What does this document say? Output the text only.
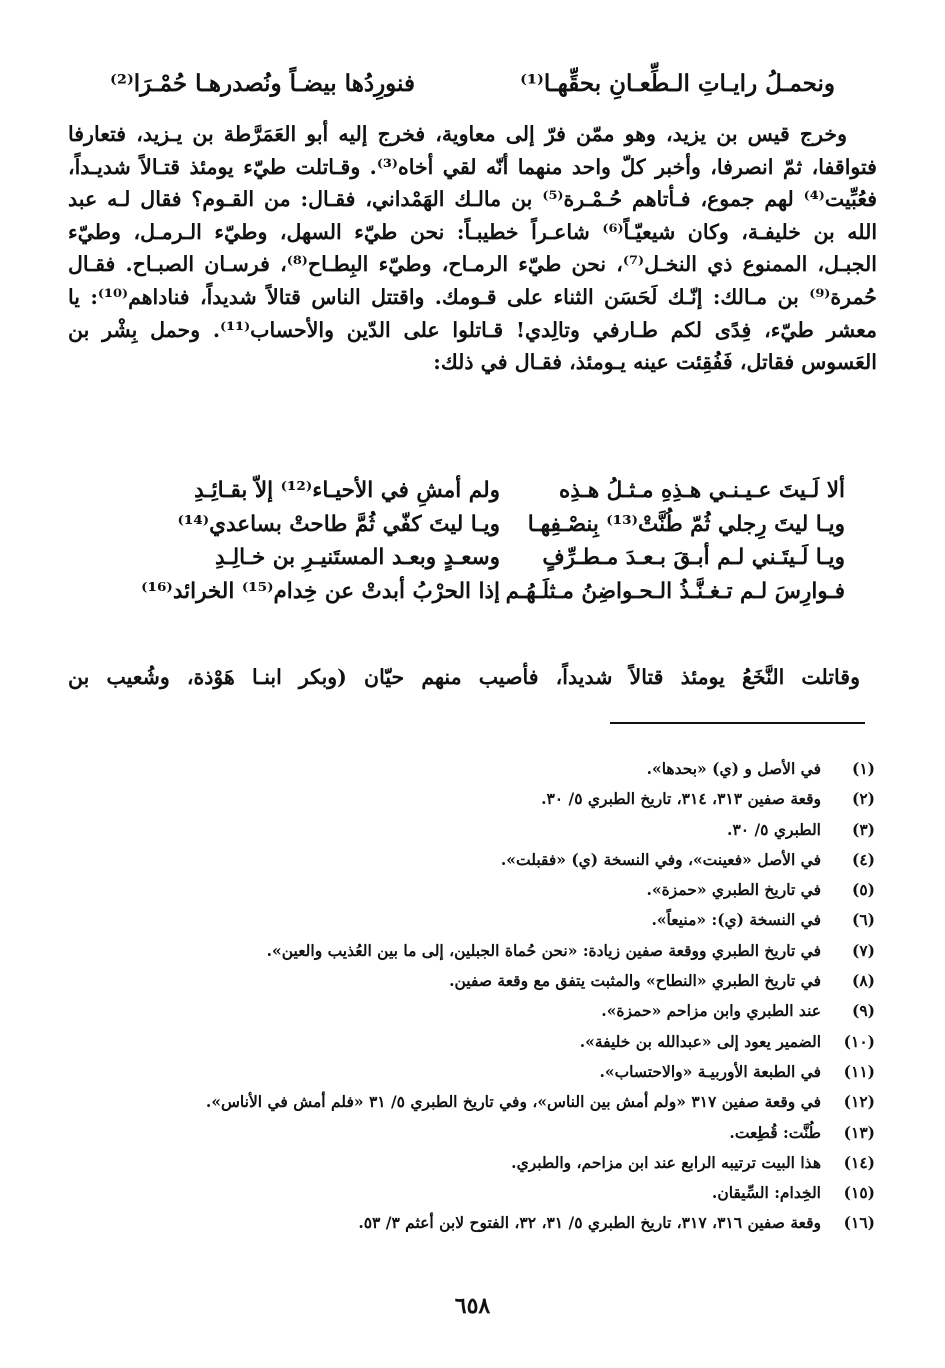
ونحمـلُ رايـاتِ الـطِّعـانِ بحقِّهـا⁽¹⁾
فنورِدُها بيضـاً ونُصدرهـا حُمْـرَا⁽²⁾
وخرج قيس بن يزيد، وهو ممّن فرّ إلى معاوية، فخرج إليه أبو العَمَرَّطة بن يـزيد، فتعارفا فتواقفا، ثمّ انصرفا، وأخبر كلّ واحد منهما أنّه لقي أخاه⁽³⁾. وقـاتلت طيّء يومئذ قتـالاً شديـداً، فعُبِّيت⁽⁴⁾ لهم جموع، فـأتاهم حُـمْـرة⁽⁵⁾ بن مالـك الهَمْداني، فقـال: من القـوم؟ فقال لـه عبد الله بن خليفـة، وكان شيعيّـاً⁽⁶⁾ شاعـراً خطيبـاً: نحن طيّء السهل، وطيّء الـرمـل، وطيّء الجبـل، الممنوع ذي النخـل⁽⁷⁾، نحن طيّء الرمـاح، وطيّء البِطـاح⁽⁸⁾، فرسـان الصبـاح. فقـال حُمرة⁽⁹⁾ بن مـالك: إنّـك لَحَسَن الثناء على قـومك. واقتتل الناس قتالاً شديداً، فناداهم⁽¹⁰⁾: يا معشر طيّء، فِدًى لكم طـارفي وتالِدي! قـاتلوا على الدّين والأحساب⁽¹¹⁾. وحمل بِشْر بن العَسوس فقاتل، فَفُقِئت عينه يـومئذ، فقـال في ذلك:
ألا لَـيتَ عـيـنـي هـذِهِ مـثـلُ هـذِه
ولم أمشِ في الأحيـاء⁽¹²⁾ إلاّ بقـائِـدِ
ويـا ليتَ رِجلي ثُمّ طُنَّتْ⁽¹³⁾ بِنصْـفِهـا
ويـا ليتَ كفّي ثُمَّ طاحتْ بساعدي⁽¹⁴⁾
ويـا لَـيتَـني لـم أبـقَ بـعـدَ مـطـرِّفٍ
وسعـدٍ وبعـد المستَنيـرِ بن خـالِـدِ
فـوارِسَ لـم تـغـنَّـذُ الـحـواضِنُ مـثلَـهُـم
إذا الحرْبُ أبدتْ عن خِدام⁽¹⁵⁾ الخرائد⁽¹⁶⁾
وقاتلت النَّخَعُ يومئذ قتالاً شديداً، فأصيب منهم حيّان (وبكر ابنـا هَوْذة، وشُعيب بن
(١)
في الأصل و (ي) «بحدها».
(٢)
وقعة صفين ٣١٣، ٣١٤، تاريخ الطبري ٥/ ٣٠.
(٣)
الطبري ٥/ ٣٠.
(٤)
في الأصل «فعينت»، وفي النسخة (ي) «فقبلت».
(٥)
في تاريخ الطبري «حمزة».
(٦)
في النسخة (ي): «منيعاً».
(٧)
في تاريخ الطبري ووقعة صفين زيادة: «نحن حُماة الجبلين، إلى ما بين العُذيب والعين».
(٨)
في تاريخ الطبري «النطاح» والمثبت يتفق مع وقعة صفين.
(٩)
عند الطبري وابن مزاحم «حمزة».
(١٠)
الضمير يعود إلى «عبدالله بن خليفة».
(١١)
في الطبعة الأوربيـة «والاحتساب».
(١٢)
في وقعة صفين ٣١٧ «ولم أمش بين الناس»، وفي تاريخ الطبري ٥/ ٣١ «فلم أمش في الأناس».
(١٣)
طُنَّت: قُطِعت.
(١٤)
هذا البيت ترتيبه الرابع عند ابن مزاحم، والطبري.
(١٥)
الخِدام: السِّيقان.
(١٦)
وقعة صفين ٣١٦، ٣١٧، تاريخ الطبري ٥/ ٣١، ٣٢، الفتوح لابن أعثم ٣/ ٥٣.
٦٥٨
